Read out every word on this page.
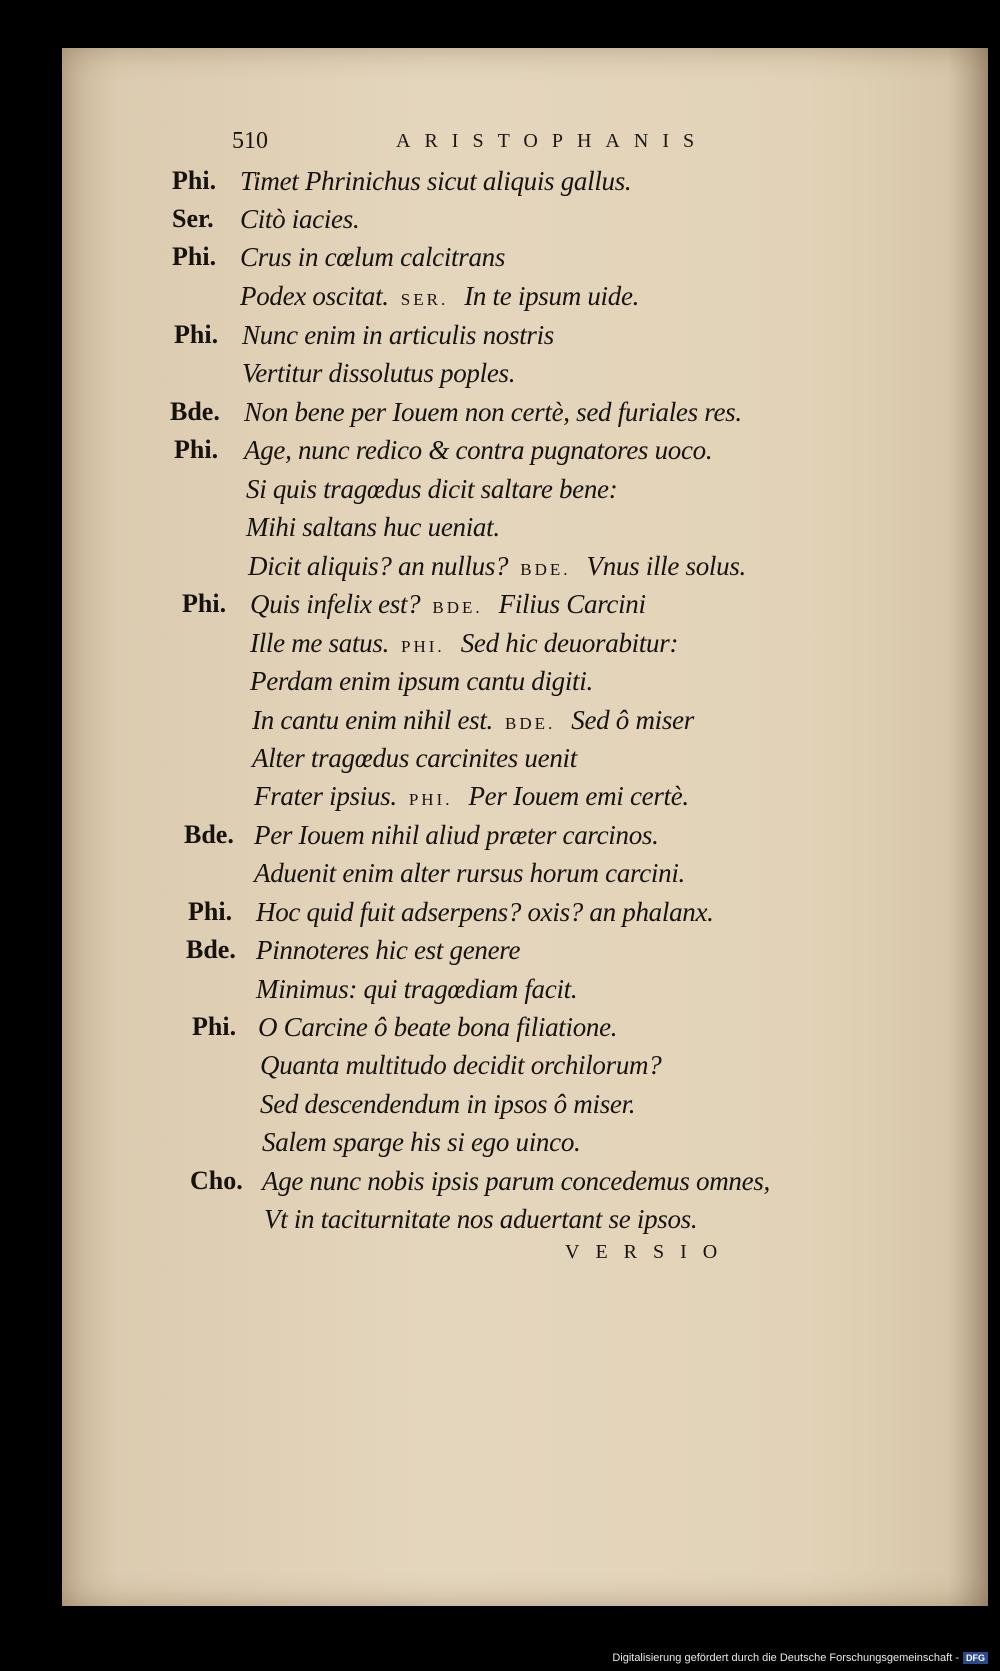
510	ARISTOPHANIS
Phi. Timet Phrinichus sicut aliquis gallus.
Ser. Citò iacies.
Phi. Crus in cœlum calcitrans
Podex oscitat. SER. In te ipsum uide.
Phi. Nunc enim in articulis nostris
Vertitur dissolutus poples.
Bde. Non bene per Iouem non certè, sed furiales res.
Phi. Age, nunc redico & contra pugnatores uoco.
Si quis tragœdus dicit saltare bene:
Mihi saltans huc ueniat.
Dicit aliquis? an nullus? BDE. Vnus ille solus.
Phi. Quis infelix est? BDE. Filius Carcini
Ille me satus. PHI. Sed hic deuorabitur:
Perdam enim ipsum cantu digiti.
In cantu enim nihil est. BDE. Sed ô miser
Alter tragœdus carcinites uenit
Frater ipsius. PHI. Per Iouem emi certè.
Bde. Per Iouem nihil aliud præter carcinos.
Aduenit enim alter rursus horum carcini.
Phi. Hoc quid fuit adserpens? oxis? an phalanx.
Bde. Pinnoteres hic est genere
Minimus: qui tragœdiam facit.
Phi. O Carcine ô beate bona filiatione.
Quanta multitudo decidit orchilorum?
Sed descendendum in ipsos ô miser.
Salem sparge his si ego uinco.
Cho. Age nunc nobis ipsis parum concedemus omnes,
Vt in taciturnitate nos aduertant se ipsos.
VERSIO
Digitalisierung gefördert durch die Deutsche Forschungsgemeinschaft - DFG
